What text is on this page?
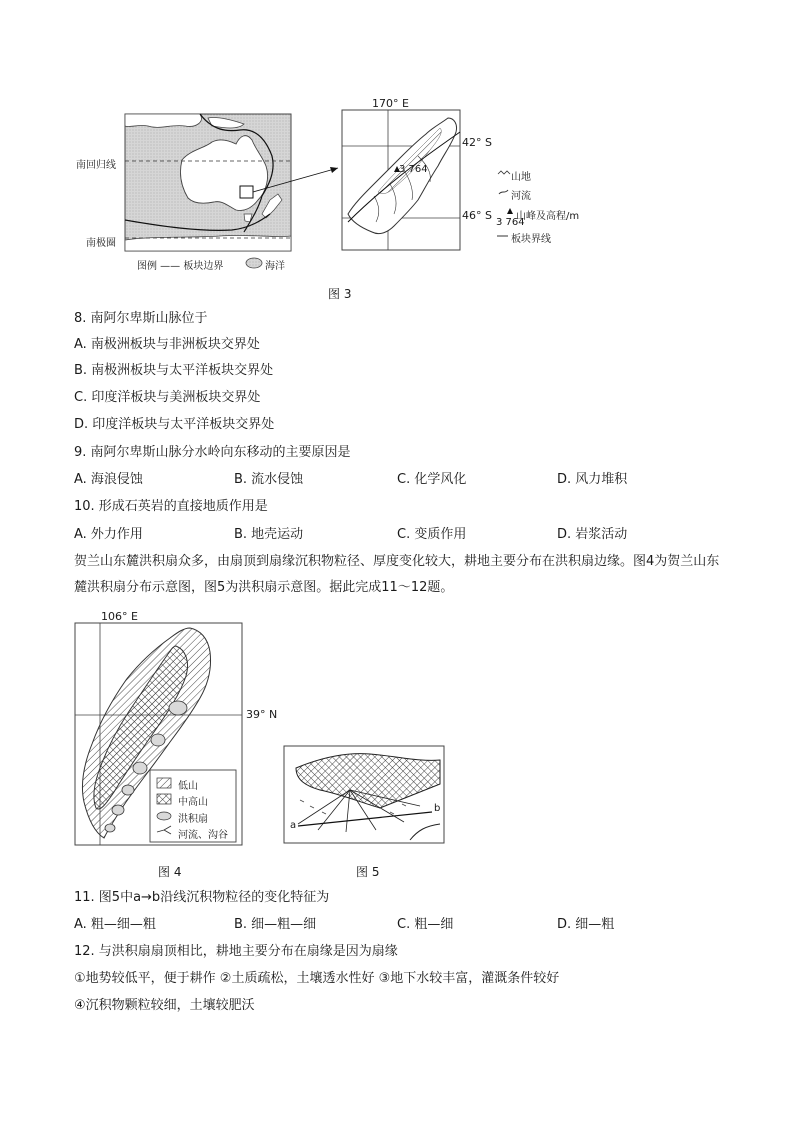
南回归线
南极圈
图例 —— 板块边界	海洋
170° E
42° S
46° S
3 764
山地
河流
山峰及高程/m
3 764
板块界线
图 3
8. 南阿尔卑斯山脉位于
A. 南极洲板块与非洲板块交界处
B. 南极洲板块与太平洋板块交界处
C. 印度洋板块与美洲板块交界处
D. 印度洋板块与太平洋板块交界处
9. 南阿尔卑斯山脉分水岭向东移动的主要原因是
A. 海浪侵蚀	B. 流水侵蚀	C. 化学风化	D. 风力堆积
10. 形成石英岩的直接地质作用是
A. 外力作用	B. 地壳运动	C. 变质作用	D. 岩浆活动
贺兰山东麓洪积扇众多，由扇顶到扇缘沉积物粒径、厚度变化较大，耕地主要分布在洪积扇边缘。图4为贺兰山东麓洪积扇分布示意图，图5为洪积扇示意图。据此完成11～12题。
106° E
39° N
低山
中高山
洪积扇
河流、沟谷
图 4
a
b
图 5
11. 图5中a→b沿线沉积物粒径的变化特征为
A. 粗—细—粗	B. 细—粗—细	C. 粗—细	D. 细—粗
12. 与洪积扇扇顶相比，耕地主要分布在扇缘是因为扇缘
①地势较低平，便于耕作 ②土质疏松，土壤透水性好 ③地下水较丰富，灌溉条件较好
④沉积物颗粒较细，土壤较肥沃
